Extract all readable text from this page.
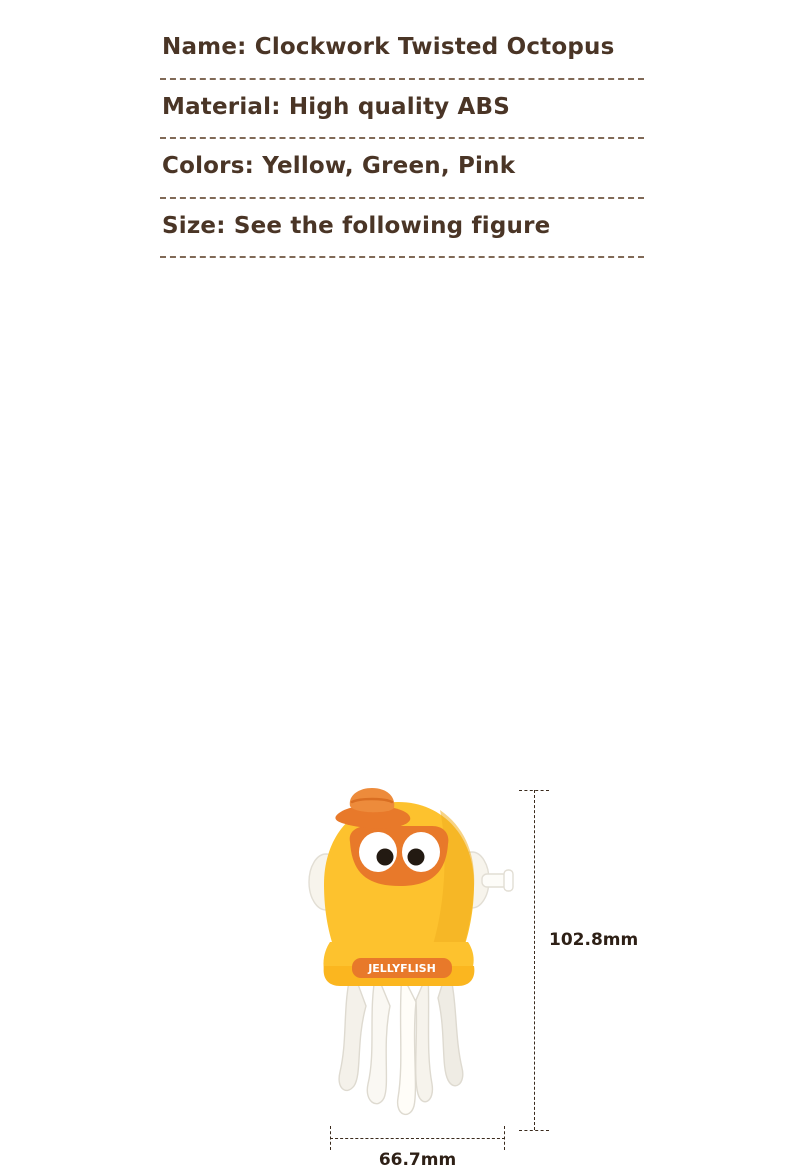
Name: Clockwork Twisted Octopus
Material: High quality ABS
Colors: Yellow, Green, Pink
Size: See the following figure
JELLYFLISH
102.8mm
66.7mm
